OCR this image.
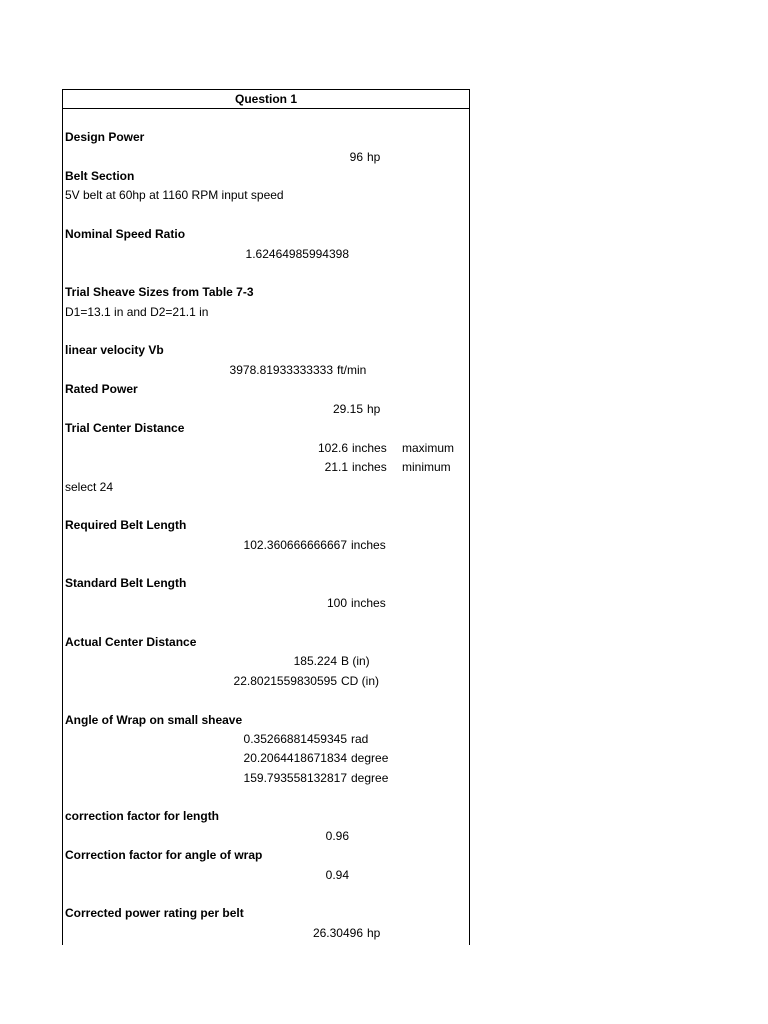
Question 1
Design Power
96 hp
Belt Section
5V belt at 60hp at 1160 RPM input speed
Nominal Speed Ratio
1.62464985994398
Trial Sheave Sizes from Table 7-3
D1=13.1 in and D2=21.1 in
linear velocity Vb
3978.81933333333 ft/min
Rated Power
29.15 hp
Trial Center Distance
102.6 inches maximum
21.1 inches minimum
select 24
Required Belt Length
102.360666666667 inches
Standard Belt Length
100 inches
Actual Center Distance
185.224 B (in)
22.8021559830595 CD (in)
Angle of Wrap on small sheave
0.35266881459345 rad
20.2064418671834 degree
159.793558132817 degree
correction factor for length
0.96
Correction factor for angle of wrap
0.94
Corrected power rating per belt
26.30496 hp
